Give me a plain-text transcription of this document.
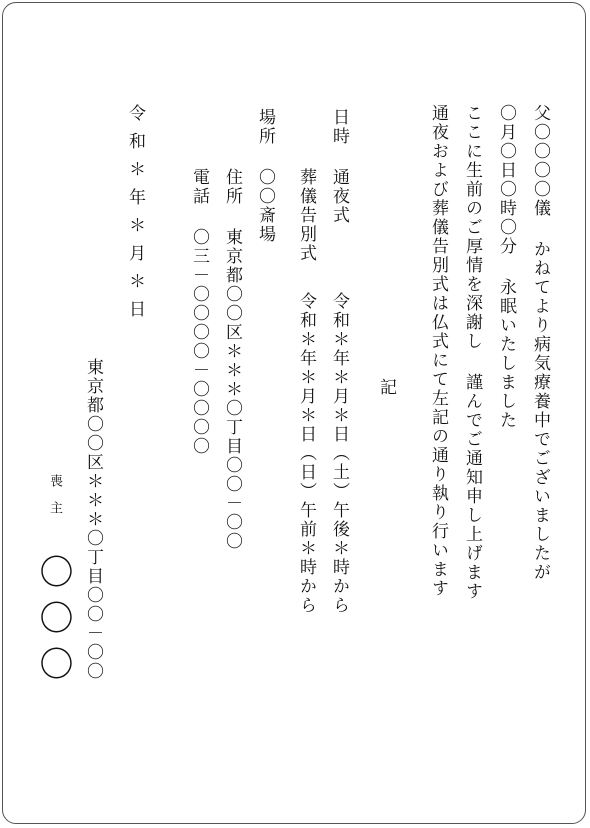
父〇〇〇〇儀 かねてより病気療養中でございましたが
〇月〇日〇時〇分 永眠いたしました
ここに生前のご厚情を深謝し 謹んでご通知申し上げます
通夜および葬儀告別式は仏式にて左記の通り執り行います
記
日時
通夜式
令和＊年＊月＊日（土）午後＊時から
葬儀告別式
令和＊年＊月＊日（日）午前＊時から
場所
〇〇斎場
住所
東京都〇〇区＊＊＊〇丁目〇〇－〇〇
電話
〇三－〇〇〇〇－〇〇〇〇
令和＊年＊月＊日
東京都〇〇区＊＊＊〇丁目〇〇－〇〇
喪主
〇〇〇
